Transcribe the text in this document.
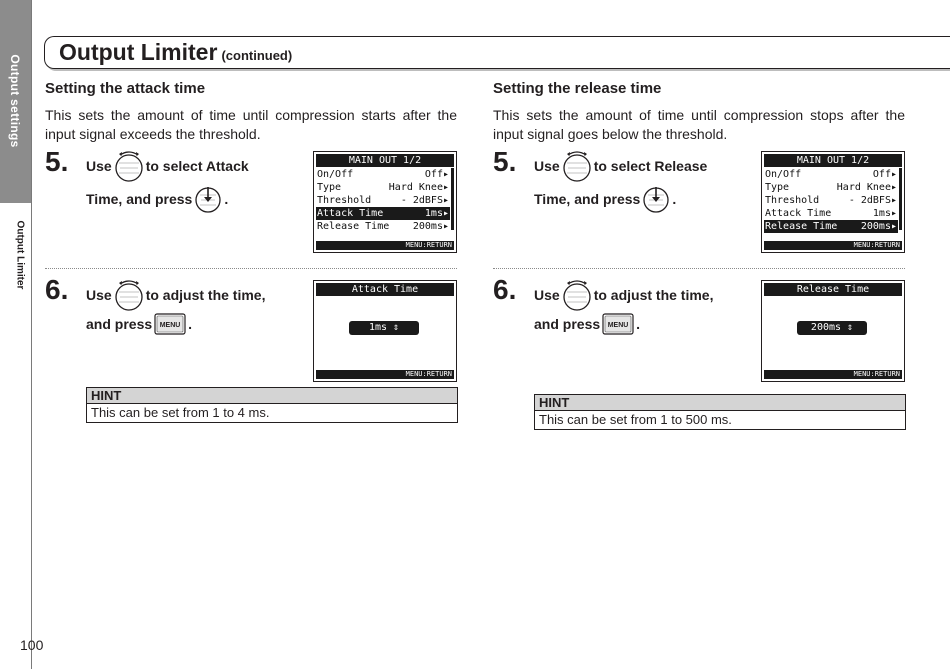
Output settings
Output Limiter
100
Output Limiter (continued)
Setting the attack time
This sets the amount of time until compression starts after the input signal exceeds the threshold.
5. Use to select Attack
Time, and press .
MAIN OUT 1/2
On/Off	Off▸
Type	Hard Knee▸
Threshold	- 2dBFS▸
Attack Time	1ms▸
Release Time 200ms▸
MENU:RETURN
6. Use to adjust the time,
and press MENU .
Attack Time
1ms ⇕
MENU:RETURN
HINT
This can be set from 1 to 4 ms.
Setting the release time
This sets the amount of time until compression stops after the input signal goes below the threshold.
5. Use to select Release
Time, and press .
MAIN OUT 1/2
On/Off	Off▸
Type	Hard Knee▸
Threshold	- 2dBFS▸
Attack Time	1ms▸
Release Time 200ms▸
MENU:RETURN
6. Use to adjust the time,
and press MENU .
Release Time
200ms ⇕
MENU:RETURN
HINT
This can be set from 1 to 500 ms.
